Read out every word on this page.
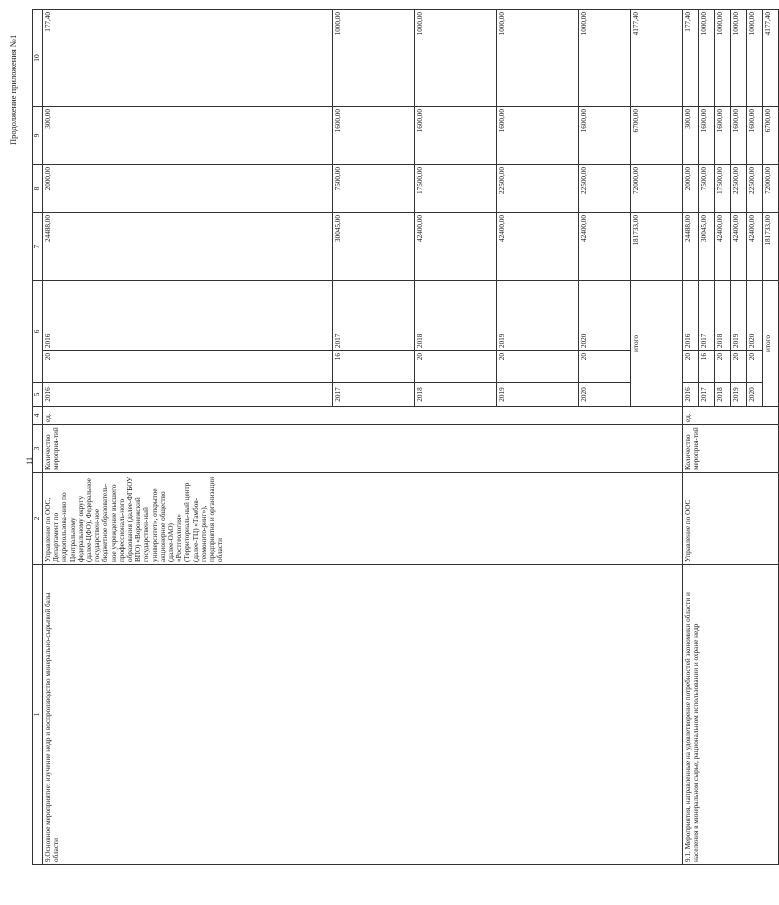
Продолжение приложения №1
11
1	2	3	4	5	6		7	8	9	10	
9.Основное мероприятие: изучение недр и воспроизводство минерально-сырьевой базы области	Управление по ООС, Департамент по недропользова-нию по Центральному федеральному округу (далее-ЦФО), Федеральное государствен-ное бюджетное образователь-ное учреждение высшего профессиональ-ного образования (далее-ФГБОУ ВПО) «Воронежский государствен-ный университет», открытое акционерное общество (далее-ОАО) «Ростгеология» (Территориаль-ный центр (далее-ТЦ) «Тамбов-геомонито-ринг»), предприятия и организации области	Количество мероприя-тий	ед.	2016	20	2016	24488,00	2000,00	300,00	177,40	
				2017	16	2017	30045,00	7500,00	1600,00	1000,00	
				2018	20	2018	42400,00	17500,00	1600,00	1000,00	
				2019	20	2019	42400,00	22500,00	1600,00	1000,00	
				2020	20	2020	42400,00	22500,00	1600,00	1000,00	
				итого			181733,00	72000,00	6700,00	4177,40	
9.1. Мероприятия, направленные на удовлетворение потребностей экономики области и населения в минеральном сырье, рациональном использовании и охране недр	Управление по ООС	Количество мероприя-тий	ед.	2016	20	2016	24488,00	2000,00	300,00	177,40	
				2017	16	2017	30045,00	7500,00	1600,00	1000,00	
				2018	20	2018	42400,00	17500,00	1600,00	1000,00	
				2019	20	2019	42400,00	22500,00	1600,00	1000,00	
				2020	20	2020	42400,00	22500,00	1600,00	1000,00	
				итого			181733,00	72000,00	6700,00	4177,40	
